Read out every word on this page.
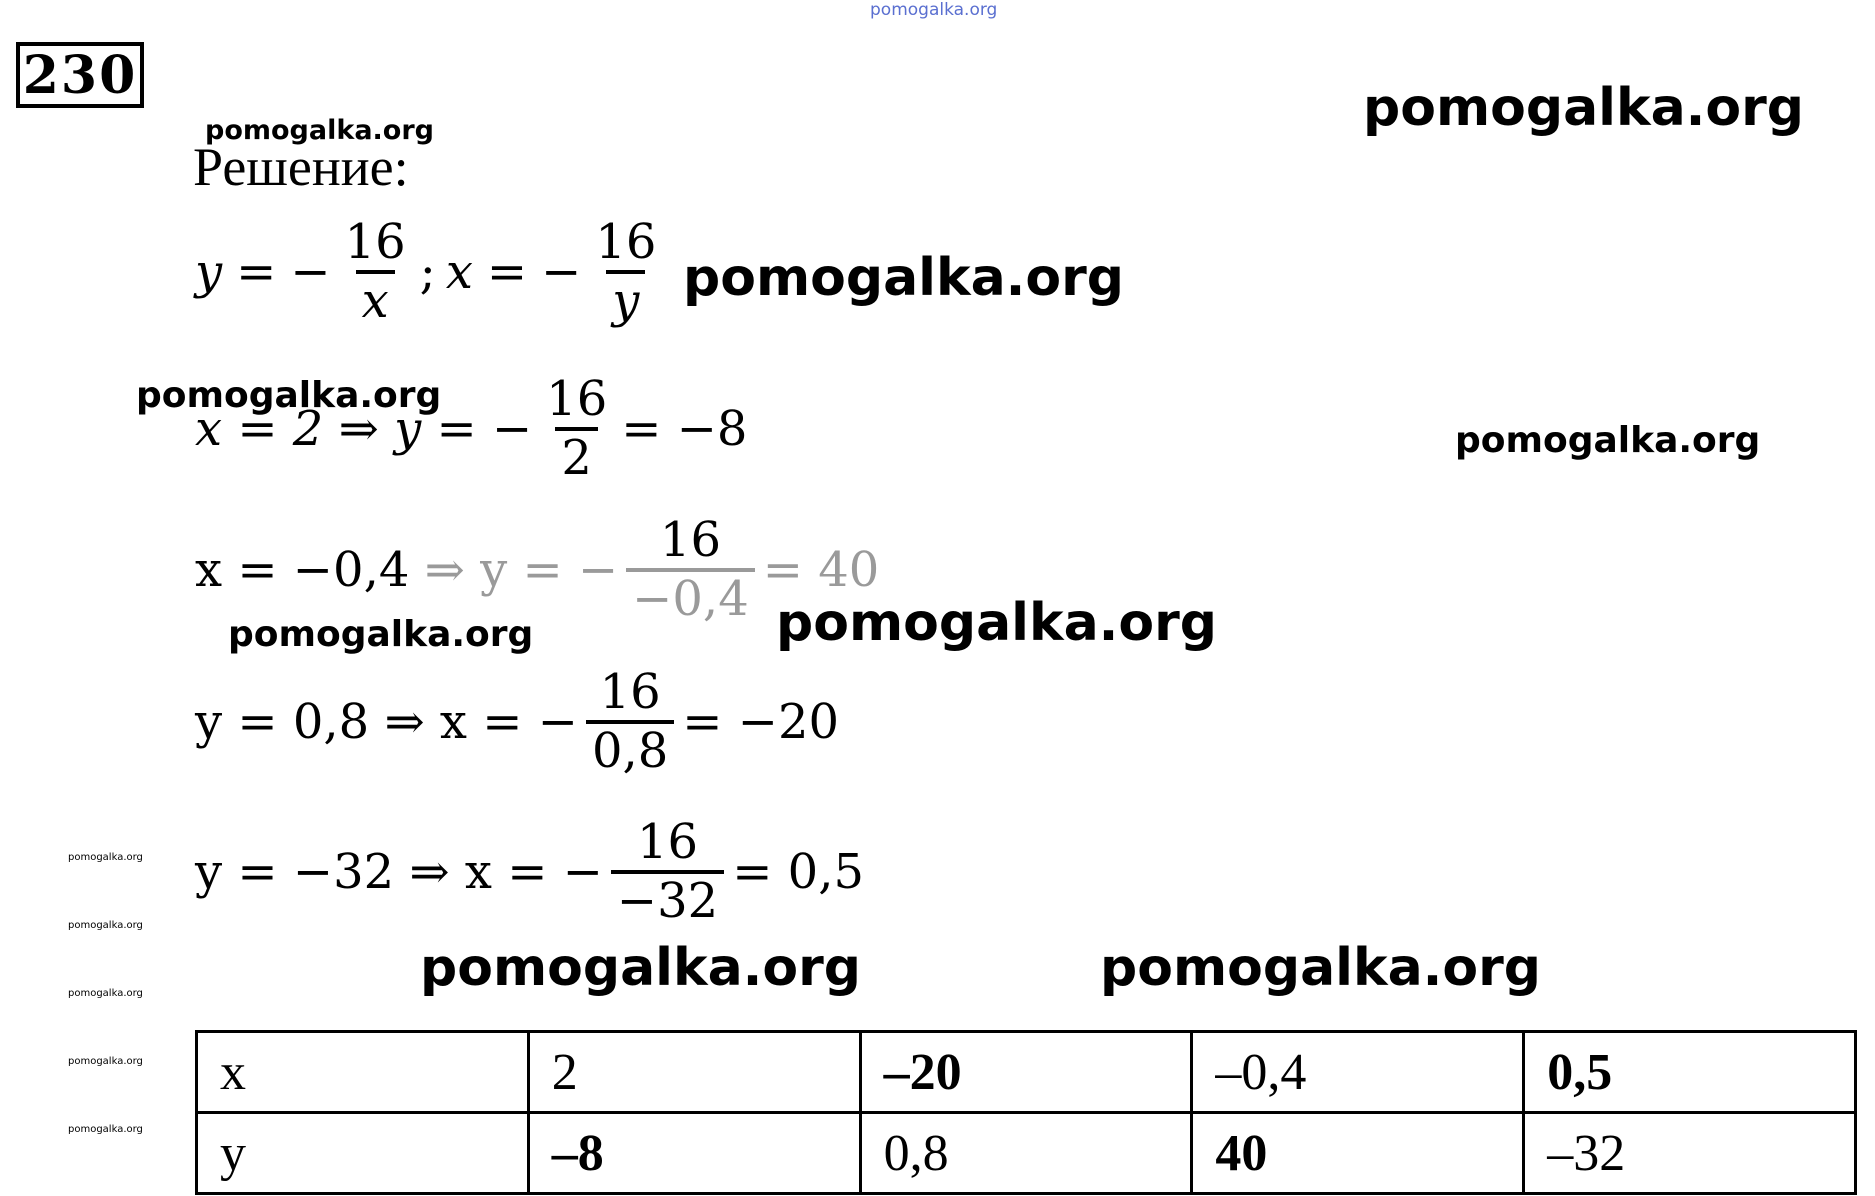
pomogalka.org
pomogalka.org
pomogalka.org
pomogalka.org
pomogalka.org
pomogalka.org
pomogalka.org	pomogalka.org
pomogalka.org	pomogalka.org
pomogalka.org
pomogalka.org
pomogalka.org
pomogalka.org
pomogalka.org
230
Решение:
y = − $\frac{16}{x}$ ; x = − $\frac{16}{y}$
x = 2 ⇒ y = − $\frac{16}{2} = -8$
x = −0,4 ⇒ y = − $\frac{16}{-0,4} = 40$
y = 0,8 ⇒ x = − $\frac{16}{0,8} = -20$
y = −32 ⇒ x = − $\frac{16}{-32} = 0,5$
x	2	–20	–0,4	0,5
y	–8	0,8	40	–32
